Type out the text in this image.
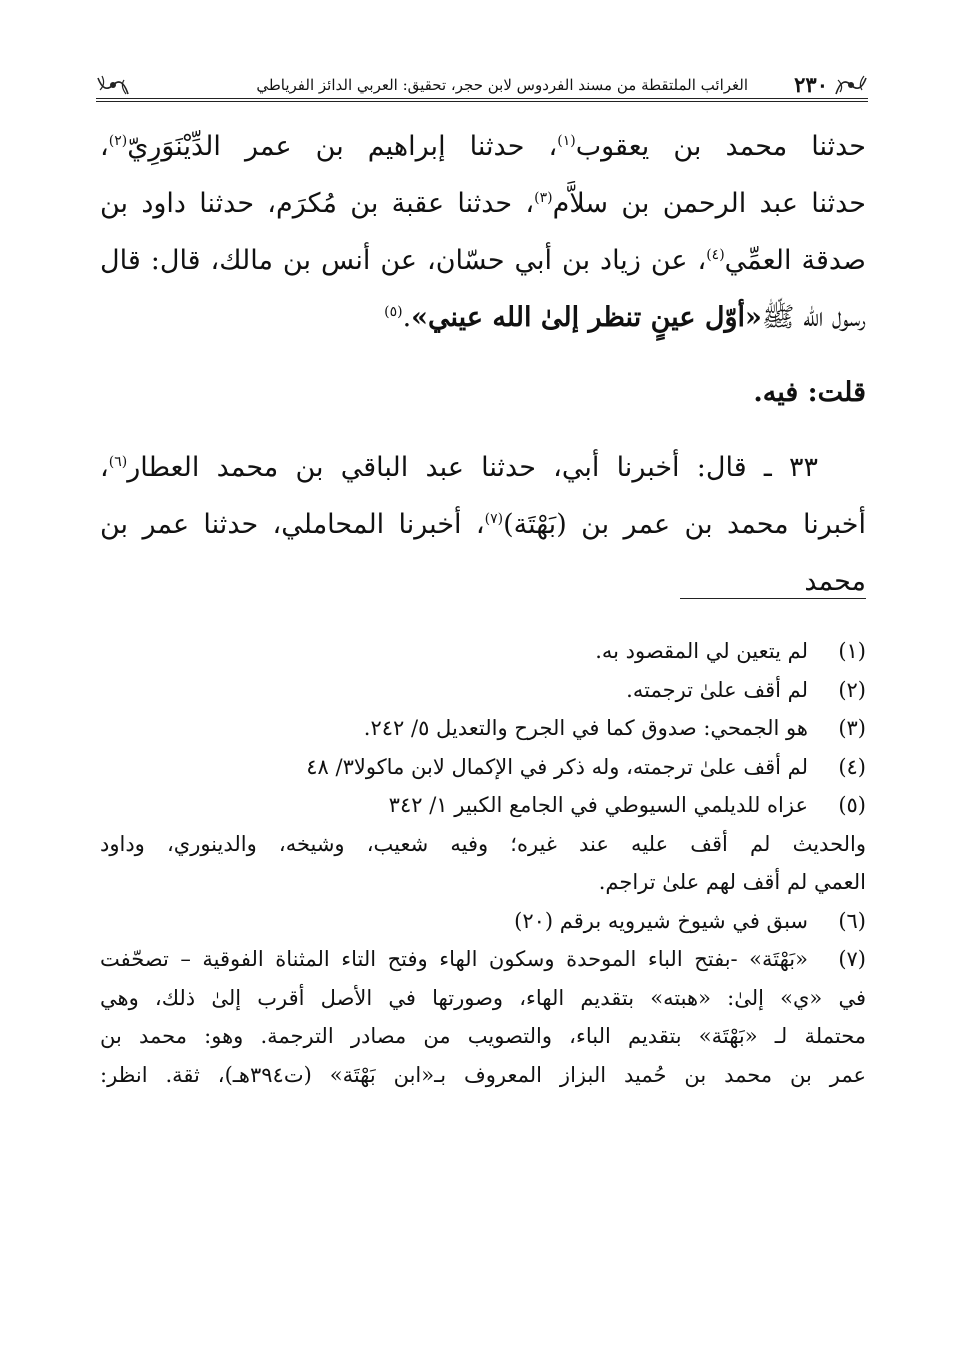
٢٣٠
الغرائب الملتقطة من مسند الفردوس لابن حجر، تحقيق: العربي الدائز الفرياطي

حدثنا محمد بن يعقوب$^{(١)}$، حدثنا إبراهيم بن عمر الدِّيْنَوَرِيّ$^{(٢)}$،

حدثنا عبد الرحمن بن سلاَّم$^{(٣)}$، حدثنا عقبة بن مُكرَم، حدثنا داود بن

صدقة العمِّي$^{(٤)}$، عن زياد بن أبي حسّان، عن أنس بن مالك، قال: قال

رسول الله ﷺ«أوّل عينٍ تنظر إلىٰ الله عيني».$^{(٥)}$

قلت: فيه.

٣٣ ـ قال: أخبرنا أبي، حدثنا عبد الباقي بن محمد العطار$^{(٦)}$،

أخبرنا محمد بن عمر بن (بَهْتَة)$^{(٧)}$، أخبرنا المحاملي، حدثنا عمر بن محمد

(١)
لم يتعين لي المقصود به.
(٢)
لم أقف علىٰ ترجمته.
(٣)
هو الجمحي: صدوق كما في الجرح والتعديل ٥/ ٢٤٢.
(٤)
لم أقف علىٰ ترجمته، وله ذكر في الإكمال لابن ماكولا٣/ ٤٨
(٥)
عزاه للديلمي السيوطي في الجامع الكبير ١/ ٣٤٢
والحديث لم أقف عليه عند غيره؛ وفيه شعيب، وشيخه، والدينوري، وداود
العمي لم أقف لهم علىٰ تراجم.
(٦)
سبق في شيوخ شيرويه برقم (٢٠)
(٧)
«بَهْتَة» -بفتح الباء الموحدة وسكون الهاء وفتح التاء المثناة الفوقية – تصحّفت
في «ي» إلىٰ: «هبته» بتقديم الهاء، وصورتها في الأصل أقرب إلىٰ ذلك، وهي
محتملة لـ «بَهْتَة» بتقديم الباء، والتصويب من مصادر الترجمة. وهو: محمد بن
عمر بن محمد بن حُميد البزاز المعروف بـ«ابن بَهْتَة» (ت٣٩٤هـ)، ثقة. انظر:
